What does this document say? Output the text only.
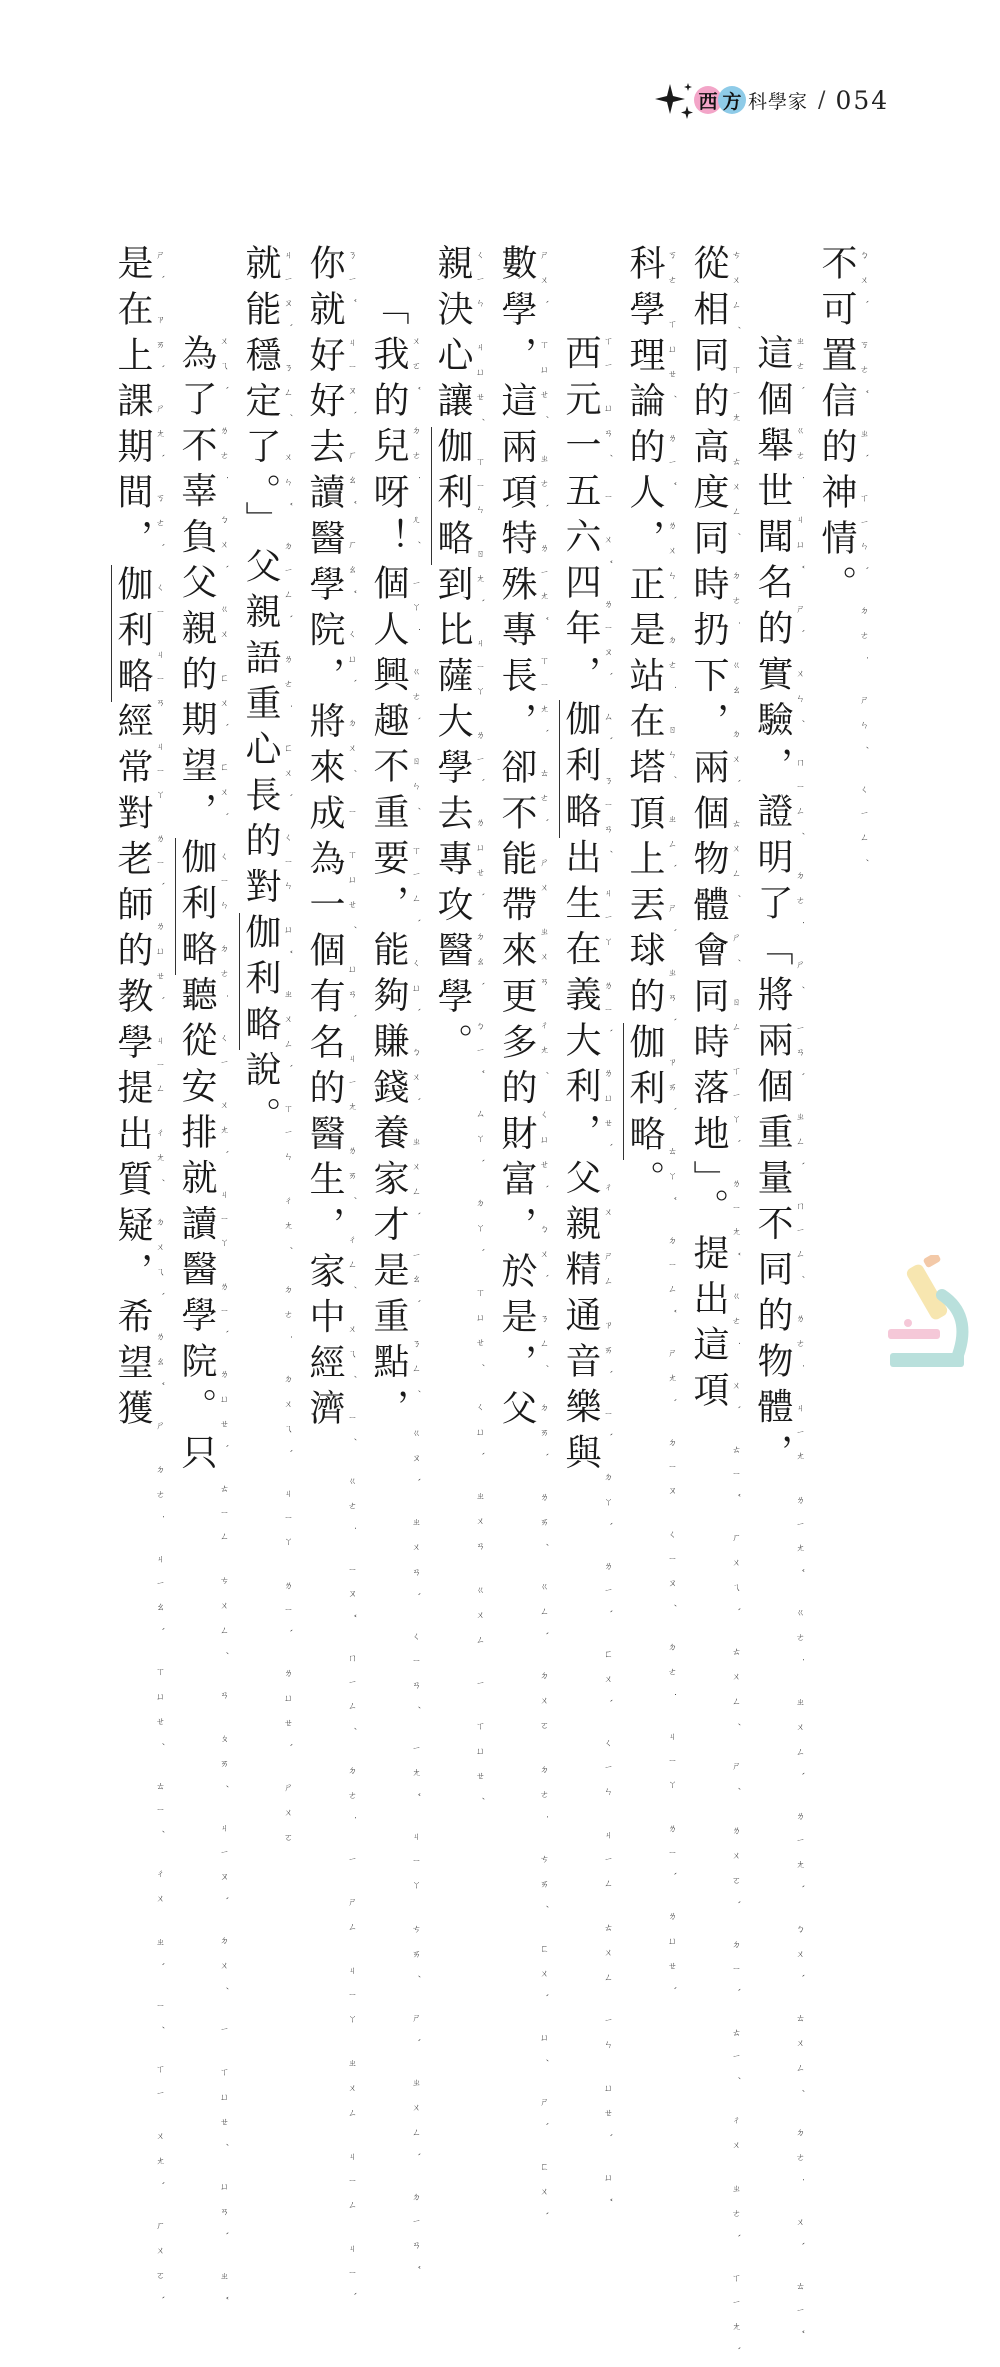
西 方 科學家 / 054
不可置信的神情。 ㄅㄨˋ ㄎㄜˇ ㄓˋ ㄒㄧㄣˋ ㄉㄜ˙ ㄕㄣˊ ㄑㄧㄥˊ
這個舉世聞名的實驗，證明了「將兩個重量不同的物體， ㄓㄜˋ ㄍㄜ˙ ㄐㄩˇ ㄕˋ ㄨㄣˊ ㄇㄧㄥˊ ㄉㄜ˙ ㄕˊ ㄧㄢˋ ㄓㄥˋ ㄇㄧㄥˊ ㄌㄜ˙ ㄐㄧㄤ ㄌㄧㄤˇ ㄍㄜ˙ ㄓㄨㄥˋ ㄌㄧㄤˋ ㄅㄨˋ ㄊㄨㄥˊ ㄉㄜ˙ ㄨˋ ㄊㄧˇ
從相同的高度同時扔下，兩個物體會同時落地」。提出這項 ㄘㄨㄥˊ ㄒㄧㄤ ㄊㄨㄥˊ ㄉㄜ˙ ㄍㄠ ㄉㄨˋ ㄊㄨㄥˊ ㄕˊ ㄖㄥ ㄒㄧㄚˋ ㄌㄧㄤˇ ㄍㄜ˙ ㄨˋ ㄊㄧˇ ㄏㄨㄟˋ ㄊㄨㄥˊ ㄕˊ ㄌㄨㄛˋ ㄉㄧˋ ㄊㄧˊ ㄔㄨ ㄓㄜˋ ㄒㄧㄤˋ
科學理論的人，正是站在塔頂上丟球的伽利略。 ㄎㄜ ㄒㄩㄝˊ ㄌㄧˇ ㄌㄨㄣˋ ㄉㄜ˙ ㄖㄣˊ ㄓㄥˋ ㄕˋ ㄓㄢˋ ㄗㄞˋ ㄊㄚˇ ㄉㄧㄥˇ ㄕㄤˋ ㄉㄧㄡ ㄑㄧㄡˊ ㄉㄜ˙ ㄐㄧㄚ ㄌㄧˋ ㄌㄩㄝˋ
西元一五六四年，伽利略出生在義大利，父親精通音樂與 ㄒㄧ ㄩㄢˊ ㄧ ㄨˇ ㄌㄧㄡˋ ㄙˋ ㄋㄧㄢˊ ㄐㄧㄚ ㄌㄧˋ ㄌㄩㄝˋ ㄔㄨ ㄕㄥ ㄗㄞˋ ㄧˋ ㄉㄚˋ ㄌㄧˋ ㄈㄨˋ ㄑㄧㄣ ㄐㄧㄥ ㄊㄨㄥ ㄧㄣ ㄩㄝˋ ㄩˇ
數學，這兩項特殊專長，卻不能帶來更多的財富，於是，父 ㄕㄨˋ ㄒㄩㄝˊ ㄓㄜˋ ㄌㄧㄤˇ ㄒㄧㄤˋ ㄊㄜˋ ㄕㄨ ㄓㄨㄢ ㄔㄤˊ ㄑㄩㄝˋ ㄅㄨˋ ㄋㄥˊ ㄉㄞˋ ㄌㄞˊ ㄍㄥˋ ㄉㄨㄛ ㄉㄜ˙ ㄘㄞˊ ㄈㄨˋ ㄩˊ ㄕˋ ㄈㄨˋ
親決心讓伽利略到比薩大學去專攻醫學。 ㄑㄧㄣ ㄐㄩㄝˊ ㄒㄧㄣ ㄖㄤˋ ㄐㄧㄚ ㄌㄧˋ ㄌㄩㄝˋ ㄉㄠˋ ㄅㄧˇ ㄙㄚˋ ㄉㄚˋ ㄒㄩㄝˊ ㄑㄩˋ ㄓㄨㄢ ㄍㄨㄥ ㄧ ㄒㄩㄝˊ
「我的兒呀！個人興趣不重要，能夠賺錢養家才是重點， ㄨㄛˇ ㄉㄜ˙ ㄦˊ ㄧㄚ˙ ㄍㄜˋ ㄖㄣˊ ㄒㄧㄥˋ ㄑㄩˋ ㄅㄨˋ ㄓㄨㄥˋ ㄧㄠˋ ㄋㄥˊ ㄍㄡˋ ㄓㄨㄢˋ ㄑㄧㄢˊ ㄧㄤˇ ㄐㄧㄚ ㄘㄞˊ ㄕˋ ㄓㄨㄥˋ ㄉㄧㄢˇ
你就好好去讀醫學院，將來成為一個有名的醫生，家中經濟 ㄋㄧˇ ㄐㄧㄡˋ ㄏㄠˇ ㄏㄠˇ ㄑㄩˋ ㄉㄨˊ ㄧ ㄒㄩㄝˊ ㄩㄢˋ ㄐㄧㄤ ㄌㄞˊ ㄔㄥˊ ㄨㄟˊ ㄧˊ ㄍㄜ˙ ㄧㄡˇ ㄇㄧㄥˊ ㄉㄜ˙ ㄧ ㄕㄥ ㄐㄧㄚ ㄓㄨㄥ ㄐㄧㄥ ㄐㄧˋ
就能穩定了。」父親語重心長的對伽利略說。 ㄐㄧㄡˋ ㄋㄥˊ ㄨㄣˇ ㄉㄧㄥˋ ㄌㄜ˙ ㄈㄨˋ ㄑㄧㄣ ㄩˇ ㄓㄨㄥˋ ㄒㄧㄣ ㄔㄤˊ ㄉㄜ˙ ㄉㄨㄟˋ ㄐㄧㄚ ㄌㄧˋ ㄌㄩㄝˋ ㄕㄨㄛ
為了不辜負父親的期望，伽利略聽從安排就讀醫學院。只 ㄨㄟˋ ㄌㄜ˙ ㄅㄨˋ ㄍㄨ ㄈㄨˋ ㄈㄨˋ ㄑㄧㄣ ㄉㄜ˙ ㄑㄧ ㄨㄤˋ ㄐㄧㄚ ㄌㄧˋ ㄌㄩㄝˋ ㄊㄧㄥ ㄘㄨㄥˊ ㄢ ㄆㄞˊ ㄐㄧㄡˋ ㄉㄨˊ ㄧ ㄒㄩㄝˊ ㄩㄢˋ ㄓˇ
是在上課期間，伽利略經常對老師的教學提出質疑，希望獲 ㄕˋ ㄗㄞˋ ㄕㄤˋ ㄎㄜˋ ㄑㄧ ㄐㄧㄢ ㄐㄧㄚ ㄌㄧˋ ㄌㄩㄝˋ ㄐㄧㄥ ㄔㄤˊ ㄉㄨㄟˋ ㄌㄠˇ ㄕ ㄉㄜ˙ ㄐㄧㄠˋ ㄒㄩㄝˊ ㄊㄧˊ ㄔㄨ ㄓˋ ㄧˊ ㄒㄧ ㄨㄤˋ ㄏㄨㄛˋ
